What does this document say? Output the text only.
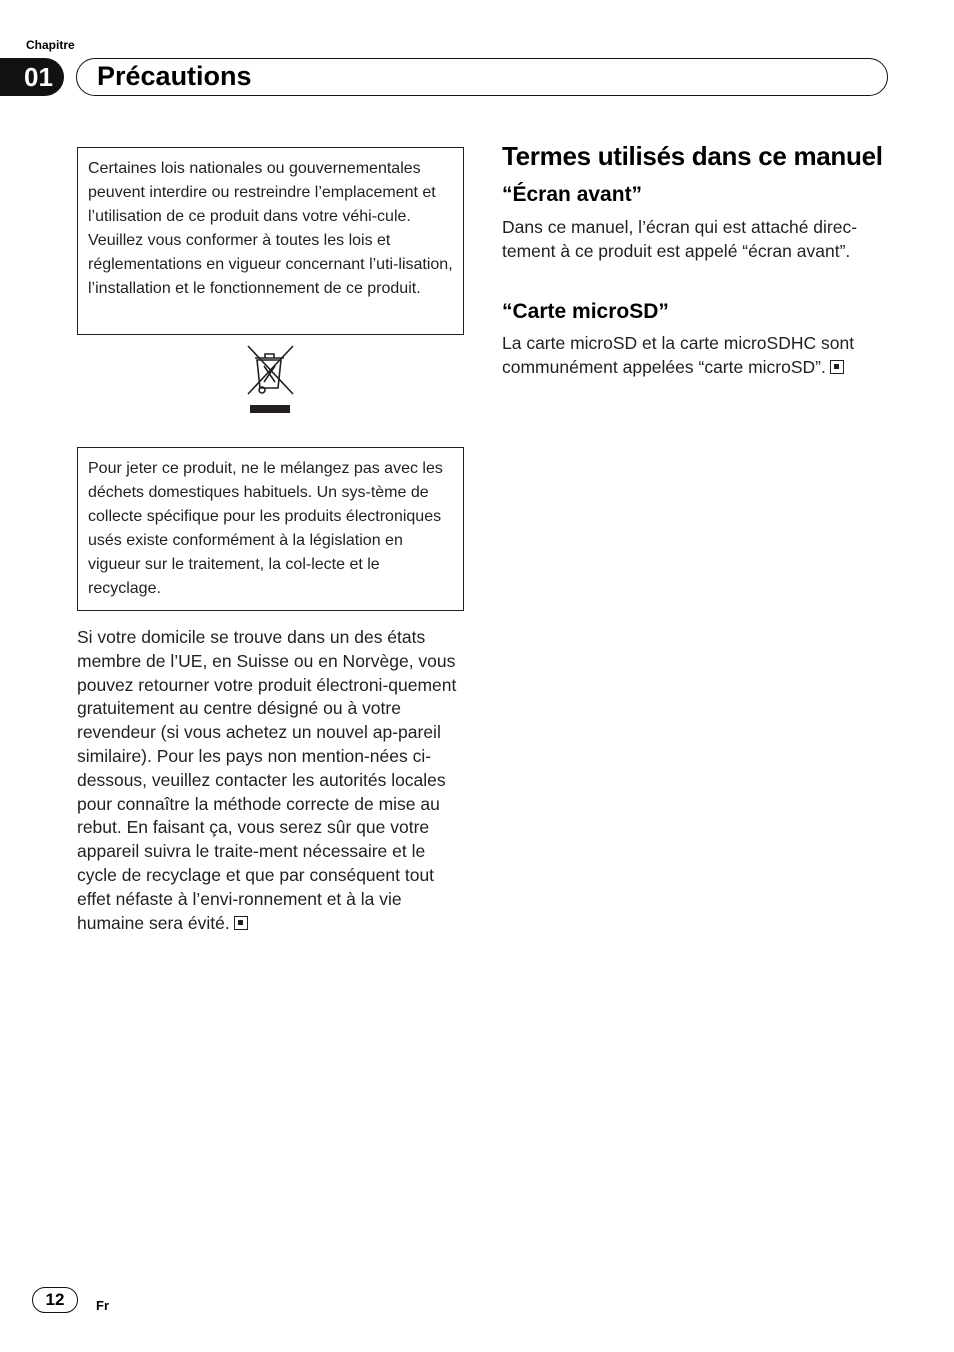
Chapitre
01	Précautions
Certaines lois nationales ou gouvernementales peuvent interdire ou restreindre l’emplacement et l’utilisation de ce produit dans votre véhi-cule. Veuillez vous conformer à toutes les lois et réglementations en vigueur concernant l’uti-lisation, l’installation et le fonctionnement de ce produit.
Pour jeter ce produit, ne le mélangez pas avec les déchets domestiques habituels. Un sys-tème de collecte spécifique pour les produits électroniques usés existe conformément à la législation en vigueur sur le traitement, la col-lecte et le recyclage.
Si votre domicile se trouve dans un des états membre de l’UE, en Suisse ou en Norvège, vous pouvez retourner votre produit électroni-quement gratuitement au centre désigné ou à votre revendeur (si vous achetez un nouvel ap-pareil similaire). Pour les pays non mention-nées ci-dessous, veuillez contacter les autorités locales pour connaître la méthode correcte de mise au rebut. En faisant ça, vous serez sûr que votre appareil suivra le traite-ment nécessaire et le cycle de recyclage et que par conséquent tout effet néfaste à l’envi-ronnement et à la vie humaine sera évité.
Termes utilisés dans ce manuel
“Écran avant”
Dans ce manuel, l’écran qui est attaché direc-tement à ce produit est appelé “écran avant”.
“Carte microSD”
La carte microSD et la carte microSDHC sont communément appelées “carte microSD”.
12	Fr
